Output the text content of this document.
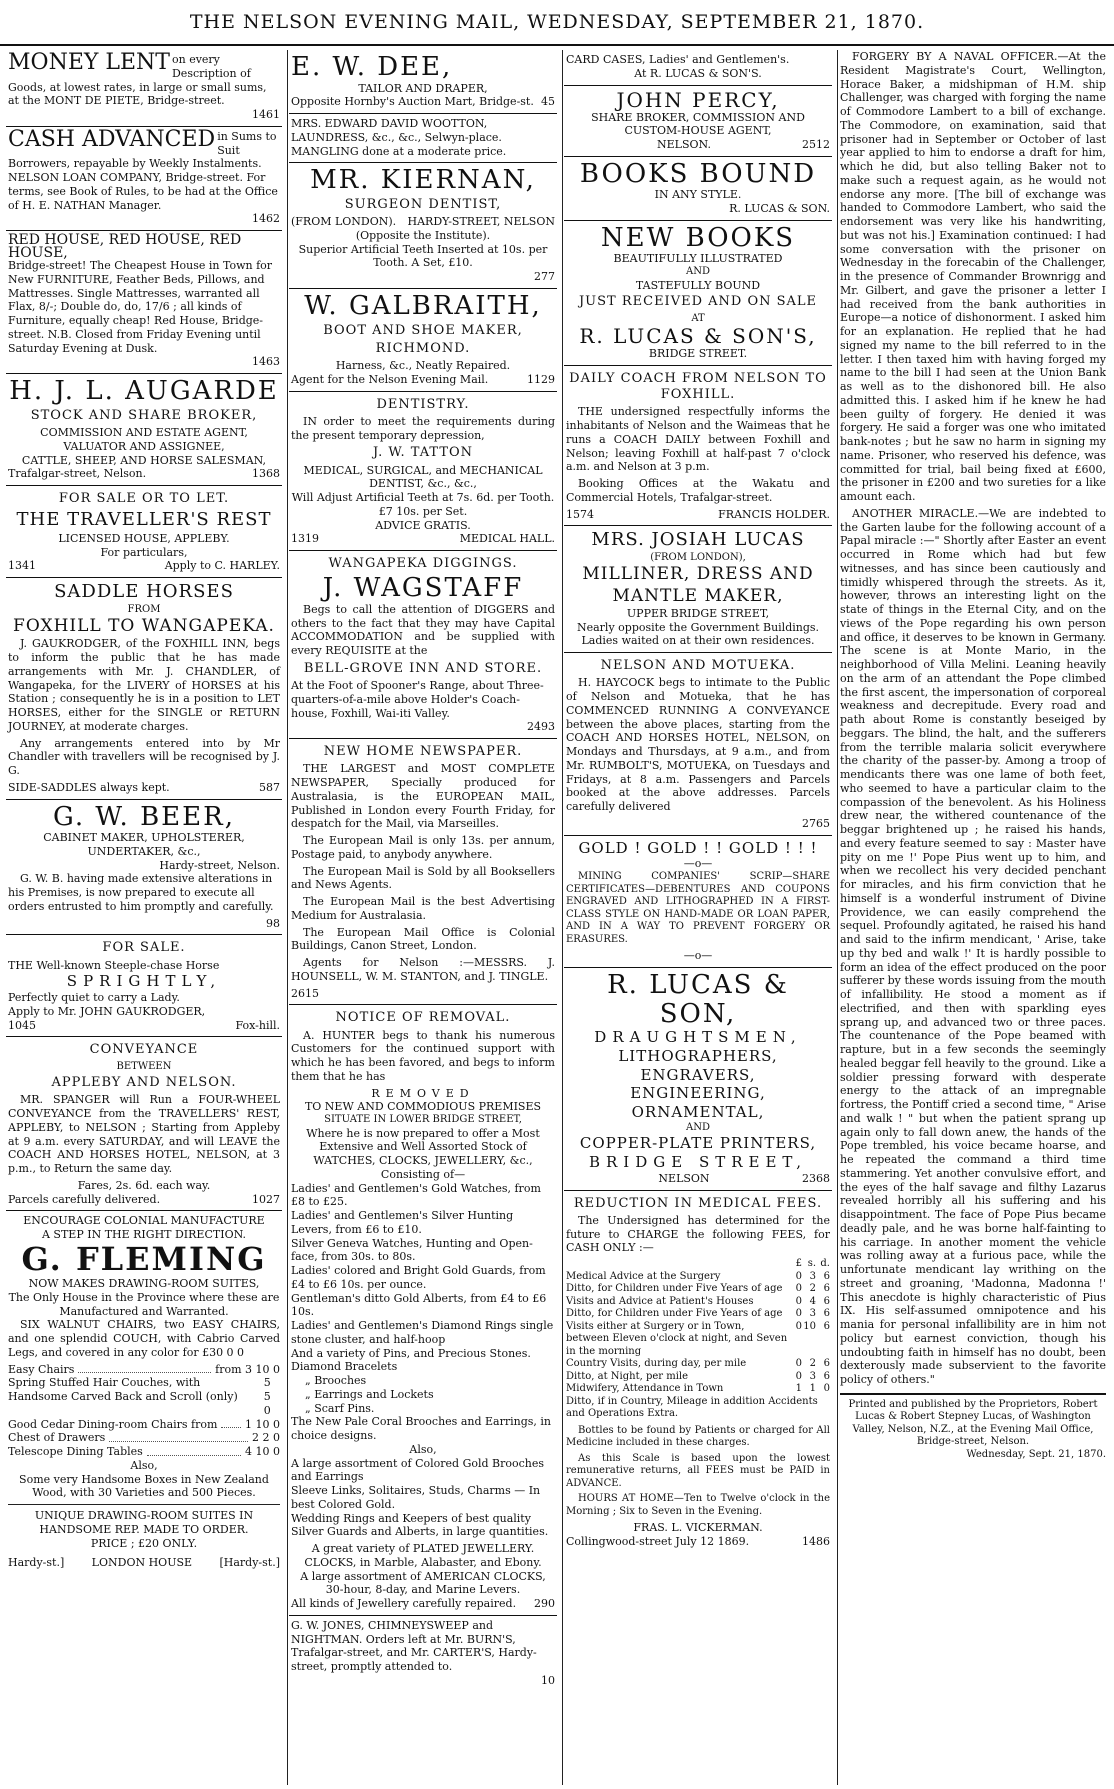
THE NELSON EVENING MAIL, WEDNESDAY, SEPTEMBER 21, 1870.
MONEY LENT on every Description of Goods, at lowest rates, in large or small sums, at the MONT DE PIETE, Bridge-street.
1461
CASH ADVANCED in Sums to Suit Borrowers, repayable by Weekly Instalments. NELSON LOAN COMPANY, Bridge-street. For terms, see Book of Rules, to be had at the Office of H. E. NATHAN Manager.
1462
RED HOUSE, RED HOUSE, RED HOUSE,
Bridge-street! The Cheapest House in Town for New FURNITURE, Feather Beds, Pillows, and Mattresses. Single Mattresses, warranted all Flax, 8/-; Double do, do, 17/6 ; all kinds of Furniture, equally cheap! Red House, Bridge-street. N.B. Closed from Friday Evening until Saturday Evening at Dusk.
1463
H. J. L. AUGARDE
STOCK AND SHARE BROKER,
COMMISSION AND ESTATE AGENT,
VALUATOR AND ASSIGNEE,
CATTLE, SHEEP, AND HORSE SALESMAN,
Trafalgar-street, Nelson.	1368
FOR SALE OR TO LET.
THE TRAVELLER'S REST
LICENSED HOUSE, APPLEBY.
For particulars,
1341	Apply to C. HARLEY.
SADDLE HORSES
FROM
FOXHILL TO WANGAPEKA.
J. GAUKRODGER, of the FOXHILL INN, begs to inform the public that he has made arrangements with Mr. J. CHANDLER, of Wangapeka, for the LIVERY of HORSES at his Station ; consequently he is in a position to LET HORSES, either for the SINGLE or RETURN JOURNEY, at moderate charges.
Any arrangements entered into by Mr Chandler with travellers will be recognised by J. G.
SIDE-SADDLES always kept.	587
G. W. BEER,
CABINET MAKER, UPHOLSTERER,
UNDERTAKER, &c.,
Hardy-street, Nelson.
G. W. B. having made extensive alterations in his Premises, is now prepared to execute all orders entrusted to him promptly and carefully.
98
FOR SALE.
THE Well-known Steeple-chase Horse
SPRIGHTLY,
Perfectly quiet to carry a Lady.
Apply to Mr. JOHN GAUKRODGER,
1045	Fox-hill.
CONVEYANCE
BETWEEN
APPLEBY AND NELSON.
MR. SPANGER will Run a FOUR-WHEEL CONVEYANCE from the TRAVELLERS' REST, APPLEBY, to NELSON ; Starting from Appleby at 9 a.m. every SATURDAY, and will LEAVE the COACH AND HORSES HOTEL, NELSON, at 3 p.m., to Return the same day.
Fares, 2s. 6d. each way.
Parcels carefully delivered.	1027
ENCOURAGE COLONIAL MANUFACTURE
A STEP IN THE RIGHT DIRECTION.
G. FLEMING
NOW MAKES DRAWING-ROOM SUITES,
The Only House in the Province where these are Manufactured and Warranted.
SIX WALNUT CHAIRS, two EASY CHAIRS, and one splendid COUCH, with Cabrio Carved Legs, and covered in any color for £30 0 0
Easy Chairs	from 3 10 0
Spring Stuffed Hair Couches, with Handsome Carved Back and Scroll (only)
5 5 0
Good Cedar Dining-room Chairs from	1 10 0
Chest of Drawers	2 2 0
Telescope Dining Tables	4 10 0
Also,
Some very Handsome Boxes in New Zealand Wood, with 30 Varieties and 500 Pieces.
UNIQUE DRAWING-ROOM SUITES IN HANDSOME REP. MADE TO ORDER.
PRICE ; £20 ONLY.
Hardy-st.] LONDON HOUSE [Hardy-st.]
E. W. DEE,
TAILOR AND DRAPER,
Opposite Hornby's Auction Mart, Bridge-st. 45
MRS. EDWARD DAVID WOOTTON, LAUNDRESS, &c., &c., Selwyn-place. MANGLING done at a moderate price.
MR. KIERNAN,
SURGEON DENTIST,
(FROM LONDON). HARDY-STREET, NELSON
(Opposite the Institute).
Superior Artificial Teeth Inserted at 10s. per Tooth. A Set, £10.
277
W. GALBRAITH,
BOOT AND SHOE MAKER,
RICHMOND.
Harness, &c., Neatly Repaired.
Agent for the Nelson Evening Mail.	1129
DENTISTRY.
IN order to meet the requirements during the present temporary depression,
J. W. TATTON
MEDICAL, SURGICAL, and MECHANICAL DENTIST, &c., &c.,
Will Adjust Artificial Teeth at 7s. 6d. per Tooth. £7 10s. per Set.
ADVICE GRATIS.
1319	MEDICAL HALL.
WANGAPEKA DIGGINGS.
J. WAGSTAFF
Begs to call the attention of DIGGERS and others to the fact that they may have Capital ACCOMMODATION and be supplied with every REQUISITE at the
BELL-GROVE INN AND STORE.
At the Foot of Spooner's Range, about Three-quarters-of-a-mile above Holder's Coach-house, Foxhill, Wai-iti Valley.
2493
NEW HOME NEWSPAPER.
THE LARGEST and MOST COMPLETE NEWSPAPER, Specially produced for Australasia, is the EUROPEAN MAIL, Published in London every Fourth Friday, for despatch for the Mail, via Marseilles.
The European Mail is only 13s. per annum, Postage paid, to anybody anywhere.
The European Mail is Sold by all Booksellers and News Agents.
The European Mail is the best Advertising Medium for Australasia.
The European Mail Office is Colonial Buildings, Canon Street, London.
Agents for Nelson :—MESSRS. J. HOUNSELL, W. M. STANTON, and J. TINGLE.
2615
NOTICE OF REMOVAL.
A. HUNTER begs to thank his numerous Customers for the continued support with which he has been favored, and begs to inform them that he has
REMOVED
TO NEW AND COMMODIOUS PREMISES
SITUATE IN LOWER BRIDGE STREET,
Where he is now prepared to offer a Most Extensive and Well Assorted Stock of
WATCHES, CLOCKS, JEWELLERY, &c.,
Consisting of—
Ladies' and Gentlemen's Gold Watches, from £8 to £25.
Ladies' and Gentlemen's Silver Hunting Levers, from £6 to £10.
Silver Geneva Watches, Hunting and Open-face, from 30s. to 80s.
Ladies' colored and Bright Gold Guards, from £4 to £6 10s. per ounce.
Gentleman's ditto Gold Alberts, from £4 to £6 10s.
Ladies' and Gentlemen's Diamond Rings single stone cluster, and half-hoop
And a variety of Pins, and Precious Stones.
Diamond Bracelets
„ Brooches
„ Earrings and Lockets
„ Scarf Pins.
The New Pale Coral Brooches and Earrings, in choice designs.
Also,
A large assortment of Colored Gold Brooches and Earrings
Sleeve Links, Solitaires, Studs, Charms — In best Colored Gold.
Wedding Rings and Keepers of best quality
Silver Guards and Alberts, in large quantities.
A great variety of PLATED JEWELLERY.
CLOCKS, in Marble, Alabaster, and Ebony.
A large assortment of AMERICAN CLOCKS, 30-hour, 8-day, and Marine Levers.
All kinds of Jewellery carefully repaired. 290
G. W. JONES, CHIMNEYSWEEP and NIGHTMAN. Orders left at Mr. BURN'S, Trafalgar-street, and Mr. CARTER'S, Hardy-street, promptly attended to.
10
CARD CASES, Ladies' and Gentlemen's.
At R. LUCAS & SON'S.
JOHN PERCY,
SHARE BROKER, COMMISSION AND CUSTOM-HOUSE AGENT,
NELSON.	2512
BOOKS BOUND
IN ANY STYLE.
R. LUCAS & SON.
NEW BOOKS
BEAUTIFULLY ILLUSTRATED
AND
TASTEFULLY BOUND
JUST RECEIVED AND ON SALE
AT
R. LUCAS & SON'S,
BRIDGE STREET.
DAILY COACH FROM NELSON TO FOXHILL.
THE undersigned respectfully informs the inhabitants of Nelson and the Waimeas that he runs a COACH DAILY between Foxhill and Nelson; leaving Foxhill at half-past 7 o'clock a.m. and Nelson at 3 p.m.
Booking Offices at the Wakatu and Commercial Hotels, Trafalgar-street.
1574	FRANCIS HOLDER.
MRS. JOSIAH LUCAS
(FROM LONDON),
MILLINER, DRESS AND MANTLE MAKER,
UPPER BRIDGE STREET,
Nearly opposite the Government Buildings.
Ladies waited on at their own residences.
NELSON AND MOTUEKA.
H. HAYCOCK begs to intimate to the Public of Nelson and Motueka, that he has COMMENCED RUNNING A CONVEYANCE between the above places, starting from the COACH AND HORSES HOTEL, NELSON, on Mondays and Thursdays, at 9 a.m., and from Mr. RUMBOLT'S, MOTUEKA, on Tuesdays and Fridays, at 8 a.m. Passengers and Parcels booked at the above addresses. Parcels carefully delivered
2765
GOLD ! GOLD ! ! GOLD ! ! !
—o—
MINING COMPANIES' SCRIP—SHARE CERTIFICATES—DEBENTURES AND COUPONS ENGRAVED AND LITHOGRAPHED IN A FIRST-CLASS STYLE ON HAND-MADE OR LOAN PAPER, AND IN A WAY TO PREVENT FORGERY OR ERASURES.
—o—
R. LUCAS & SON,
DRAUGHTSMEN,
LITHOGRAPHERS, ENGRAVERS,
ENGINEERING, ORNAMENTAL,
AND
COPPER-PLATE PRINTERS,
BRIDGE STREET,
NELSON	2368
REDUCTION IN MEDICAL FEES.
The Undersigned has determined for the future to CHARGE the following FEES, for CASH ONLY :—
	£	s.	d.
Medical Advice at the Surgery	0	3	6
Ditto, for Children under Five Years of age	0	2	6
Visits and Advice at Patient's Houses	0	4	6
Ditto, for Children under Five Years of age	0	3	6
Visits either at Surgery or in Town, between Eleven o'clock at night, and Seven in the morning	0	10	6
Country Visits, during day, per mile	0	2	6
Ditto, at Night, per mile	0	3	6
Midwifery, Attendance in Town	1	1	0
Ditto, if in Country, Mileage in addition Accidents and Operations Extra.
Bottles to be found by Patients or charged for All Medicine included in these charges.
As this Scale is based upon the lowest remunerative returns, all FEES must be PAID in ADVANCE.
HOURS AT HOME—Ten to Twelve o'clock in the Morning ; Six to Seven in the Evening.
FRAS. L. VICKERMAN.
Collingwood-street July 12 1869.	1486

FORGERY BY A NAVAL OFFICER.—At the Resident Magistrate's Court, Wellington, Horace Baker, a midshipman of H.M. ship Challenger, was charged with forging the name of Commodore Lambert to a bill of exchange. The Commodore, on examination, said that prisoner had in September or October of last year applied to him to endorse a draft for him, which he did, but also telling Baker not to make such a request again, as he would not endorse any more. [The bill of exchange was handed to Commodore Lambert, who said the endorsement was very like his handwriting, but was not his.] Examination continued: I had some conversation with the prisoner on Wednesday in the forecabin of the Challenger, in the presence of Commander Brownrigg and Mr. Gilbert, and gave the prisoner a letter I had received from the bank authorities in Europe—a notice of dishonorment. I asked him for an explanation. He replied that he had signed my name to the bill referred to in the letter. I then taxed him with having forged my name to the bill I had seen at the Union Bank as well as to the dishonored bill. He also admitted this. I asked him if he knew he had been guilty of forgery. He denied it was forgery. He said a forger was one who imitated bank-notes ; but he saw no harm in signing my name. Prisoner, who reserved his defence, was committed for trial, bail being fixed at £600, the prisoner in £200 and two sureties for a like amount each.

ANOTHER MIRACLE.—We are indebted to the Garten laube for the following account of a Papal miracle :—" Shortly after Easter an event occurred in Rome which had but few witnesses, and has since been cautiously and timidly whispered through the streets. As it, however, throws an interesting light on the state of things in the Eternal City, and on the views of the Pope regarding his own person and office, it deserves to be known in Germany. The scene is at Monte Mario, in the neighborhood of Villa Melini. Leaning heavily on the arm of an attendant the Pope climbed the first ascent, the impersonation of corporeal weakness and decrepitude. Every road and path about Rome is constantly beseiged by beggars. The blind, the halt, and the sufferers from the terrible malaria solicit everywhere the charity of the passer-by. Among a troop of mendicants there was one lame of both feet, who seemed to have a particular claim to the compassion of the benevolent. As his Holiness drew near, the withered countenance of the beggar brightened up ; he raised his hands, and every feature seemed to say : Master have pity on me !' Pope Pius went up to him, and when we recollect his very decided penchant for miracles, and his firm conviction that he himself is a wonderful instrument of Divine Providence, we can easily comprehend the sequel. Profoundly agitated, he raised his hand and said to the infirm mendicant, ' Arise, take up thy bed and walk !' It is hardly possible to form an idea of the effect produced on the poor sufferer by these words issuing from the mouth of infallibility. He stood a moment as if electrified, and then with sparkling eyes sprang up, and advanced two or three paces. The countenance of the Pope beamed with rapture, but in a few seconds the seemingly healed beggar fell heavily to the ground. Like a soldier pressing forward with desperate energy to the attack of an impregnable fortress, the Pontiff cried a second time, " Arise and walk ! " but when the patient sprang up again only to fall down anew, the hands of the Pope trembled, his voice became hoarse, and he repeated the command a third time stammering. Yet another convulsive effort, and the eyes of the half savage and filthy Lazarus revealed horribly all his suffering and his disappointment. The face of Pope Pius became deadly pale, and he was borne half-fainting to his carriage. In another moment the vehicle was rolling away at a furious pace, while the unfortunate mendicant lay writhing on the street and groaning, 'Madonna, Madonna !' This anecdote is highly characteristic of Pius IX. His self-assumed omnipotence and his mania for personal infallibility are in him not policy but earnest conviction, though his undoubting faith in himself has no doubt, been dexterously made subservient to the favorite policy of others."

Printed and published by the Proprietors, Robert Lucas & Robert Stepney Lucas, of Washington Valley, Nelson, N.Z., at the Evening Mail Office, Bridge-street, Nelson.
Wednesday, Sept. 21, 1870.
